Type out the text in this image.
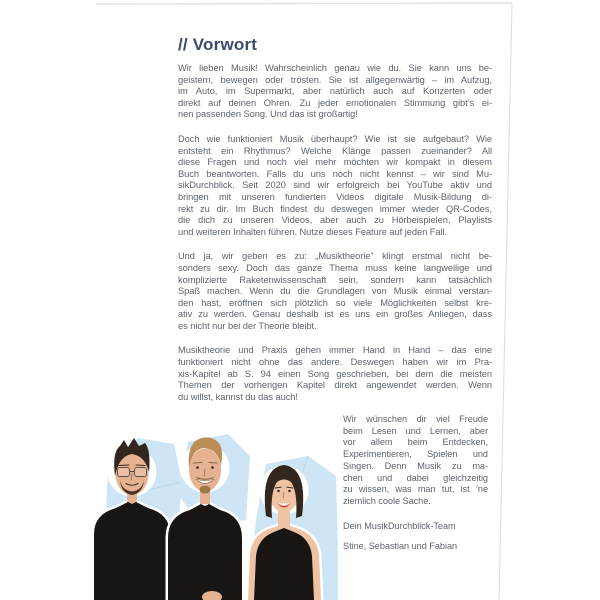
// Vorwort
Wir lieben Musik! Wahrscheinlich genau wie du. Sie kann uns be-
geistern, bewegen oder trösten. Sie ist allgegenwärtig – im Aufzug,
im Auto, im Supermarkt, aber natürlich auch auf Konzerten oder
direkt auf deinen Ohren. Zu jeder emotionalen Stimmung gibt’s ei-
nen passenden Song. Und das ist großartig!
Doch wie funktioniert Musik überhaupt? Wie ist sie aufgebaut? Wie
entsteht ein Rhythmus? Welche Klänge passen zueinander? All
diese Fragen und noch viel mehr möchten wir kompakt in diesem
Buch beantworten. Falls du uns noch nicht kennst – wir sind Mu-
sikDurchblick. Seit 2020 sind wir erfolgreich bei YouTube aktiv und
bringen mit unseren fundierten Videos digitale Musik-Bildung di-
rekt zu dir. Im Buch findest du deswegen immer wieder QR-Codes,
die dich zu unseren Videos, aber auch zu Hörbeispielen, Playlists
und weiteren Inhalten führen. Nutze dieses Feature auf jeden Fall.
Und ja, wir geben es zu: „Musiktheorie“ klingt erstmal nicht be-
sonders sexy. Doch das ganze Thema muss keine langweilige und
komplizierte Raketenwissenschaft sein, sondern kann tatsächlich
Spaß machen. Wenn du die Grundlagen von Musik einmal verstan-
den hast, eröffnen sich plötzlich so viele Möglichkeiten selbst kre-
ativ zu werden. Genau deshalb ist es uns ein großes Anliegen, dass
es nicht nur bei der Theorie bleibt.
Musiktheorie und Praxis gehen immer Hand in Hand – das eine
funktioniert nicht ohne das andere. Deswegen haben wir im Pra-
xis-Kapitel ab S. 94 einen Song geschrieben, bei dem die meisten
Themen der vorherigen Kapitel direkt angewendet werden. Wenn
du willst, kannst du das auch!
Wir wünschen dir viel Freude
beim Lesen und Lernen, aber
vor allem beim Entdecken,
Experimentieren, Spielen und
Singen. Denn Musik zu ma-
chen und dabei gleichzeitig
zu wissen, was man tut, ist ’ne
ziemlich coole Sache.
Dein MusikDurchblick-Team
Stine, Sebastian und Fabian
